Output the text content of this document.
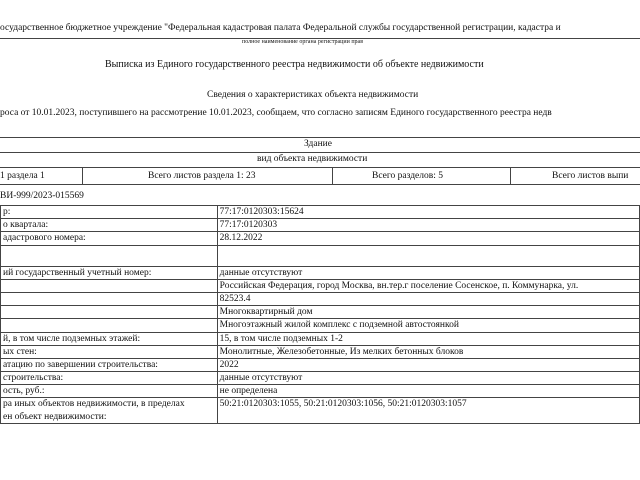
осударственное бюджетное учреждение "Федеральная кадастровая палата Федеральной службы государственной регистрации, кадастра и
полное наименование органа регистрации прав
Выписка из Единого государственного реестра недвижимости об объекте недвижимости
Сведения о характеристиках объекта недвижимости
роса от 10.01.2023, поступившего на рассмотрение 10.01.2023, сообщаем, что согласно записям Единого государственного реестра недв
Здание
вид объекта недвижимости
1 раздела 1	Всего листов раздела 1: 23	Всего разделов: 5	Всего листов выпи
ВИ-999/2023-015569
р:	77:17:0120303:15624
о квартала:	77:17:0120303
адастрового номера:	28.12.2022

ий государственный учетный номер:	данные отсутствуют
	Российская Федерация, город Москва, вн.тер.г поселение Сосенское, п. Коммунарка, ул.
	82523.4
	Многоквартирный дом
	Многоэтажный жилой комплекс с подземной автостоянкой
й, в том числе подземных этажей:	15, в том числе подземных 1-2
ых стен:	Монолитные, Железобетонные, Из мелких бетонных блоков
атацию по завершении строительства:	2022
строительства:	данные отсутствуют
ость, руб.:	не определена
ра иных объектов недвижимости, в пределах	50:21:0120303:1055, 50:21:0120303:1056, 50:21:0120303:1057
ен объект недвижимости:	
